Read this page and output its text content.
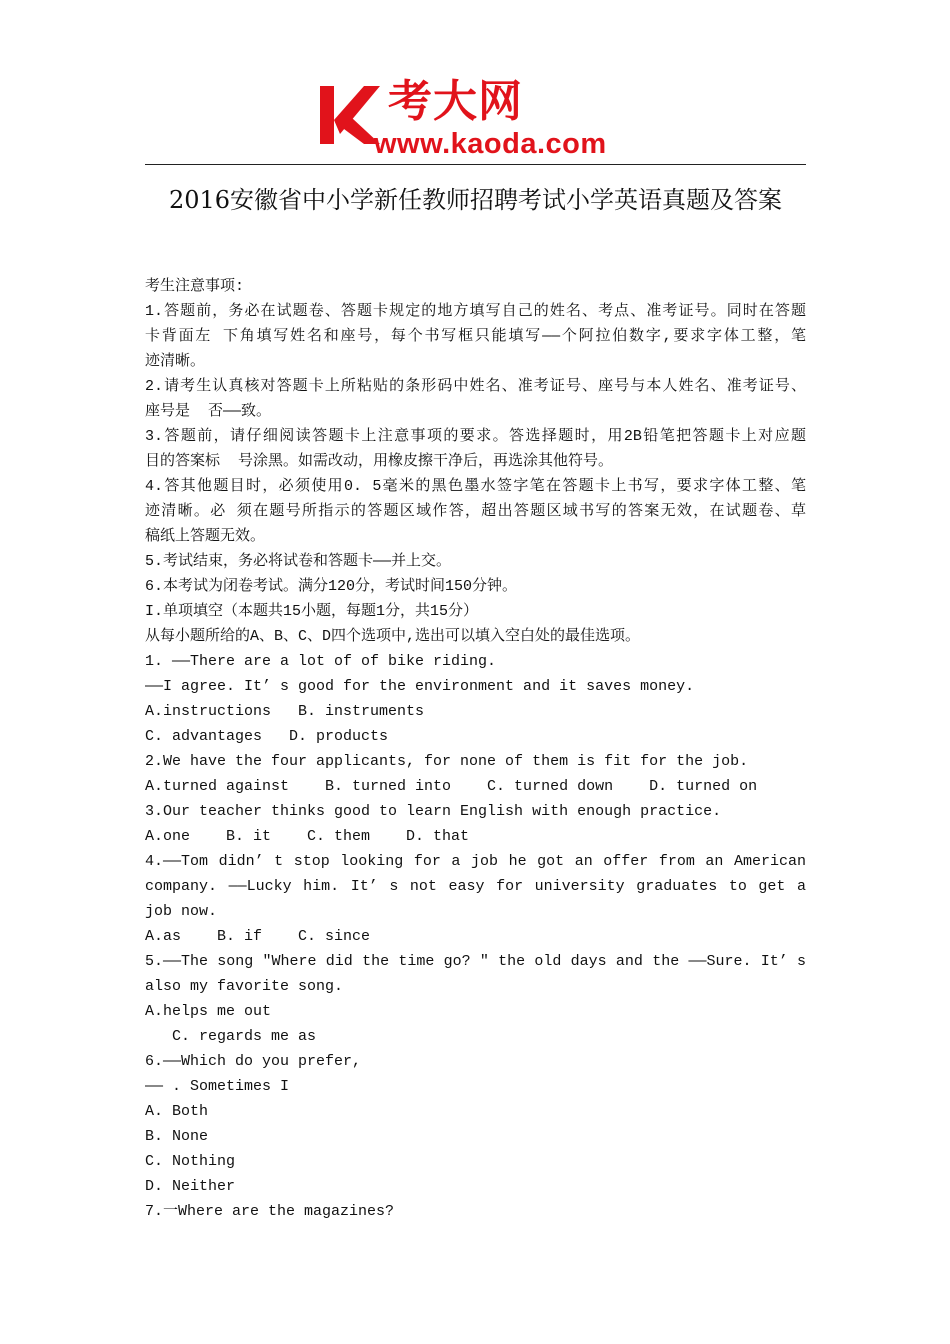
考大网
www.kaoda.com
2016安徽省中小学新任教师招聘考试小学英语真题及答案
考生注意事项:
1.答题前，务必在试题卷、答题卡规定的地方填写自己的姓名、考点、准考证号。同时在答题
卡背面左 下角填写姓名和座号，每个书写框只能填写——个阿拉伯数字,要求字体工整，笔
迹清晰。
2.请考生认真核对答题卡上所粘贴的条形码中姓名、准考证号、座号与本人姓名、准考证号、
座号是  否——致。
3.答题前，请仔细阅读答题卡上注意事项的要求。答选择题时，用2B铅笔把答题卡上对应题
目的答案标  号涂黑。如需改动，用橡皮擦干净后，再选涂其他符号。
4.答其他题目时，必须使用0. 5毫米的黑色墨水签字笔在答题卡上书写，要求字体工整、笔
迹清晰。必 须在题号所指示的答题区域作答，超出答题区域书写的答案无效，在试题卷、草
稿纸上答题无效。
5.考试结束，务必将试卷和答题卡——并上交。
6.本考试为闭卷考试。满分120分，考试时间150分钟。
I.单项填空（本题共15小题，每题1分，共15分）
从每小题所给的A、B、C、D四个选项中,选出可以填入空白处的最佳选项。
1. ——There are a lot of of bike riding.
——I agree. It’ s good for the environment and it saves money.
A.instructions   B. instruments
C. advantages   D. products
2.We have the four applicants, for none of them is fit for the job.
A.turned against    B. turned into    C. turned down    D. turned on
3.Our teacher thinks good to learn English with enough practice.
A.one    B. it    C. them    D. that
4.——Tom didn’ t stop looking for a job he got an offer from an American
company. ——Lucky him. It’ s not easy for university graduates to get a
job now.
A.as    B. if    C. since
5.——The song "Where did the time go? " the old days and the ——Sure. It’ s
also my favorite song.
A.helps me out
C. regards me as
6.——Which do you prefer,
—— . Sometimes I
A. Both
B. None
C. Nothing
D. Neither
7.一Where are the magazines?
